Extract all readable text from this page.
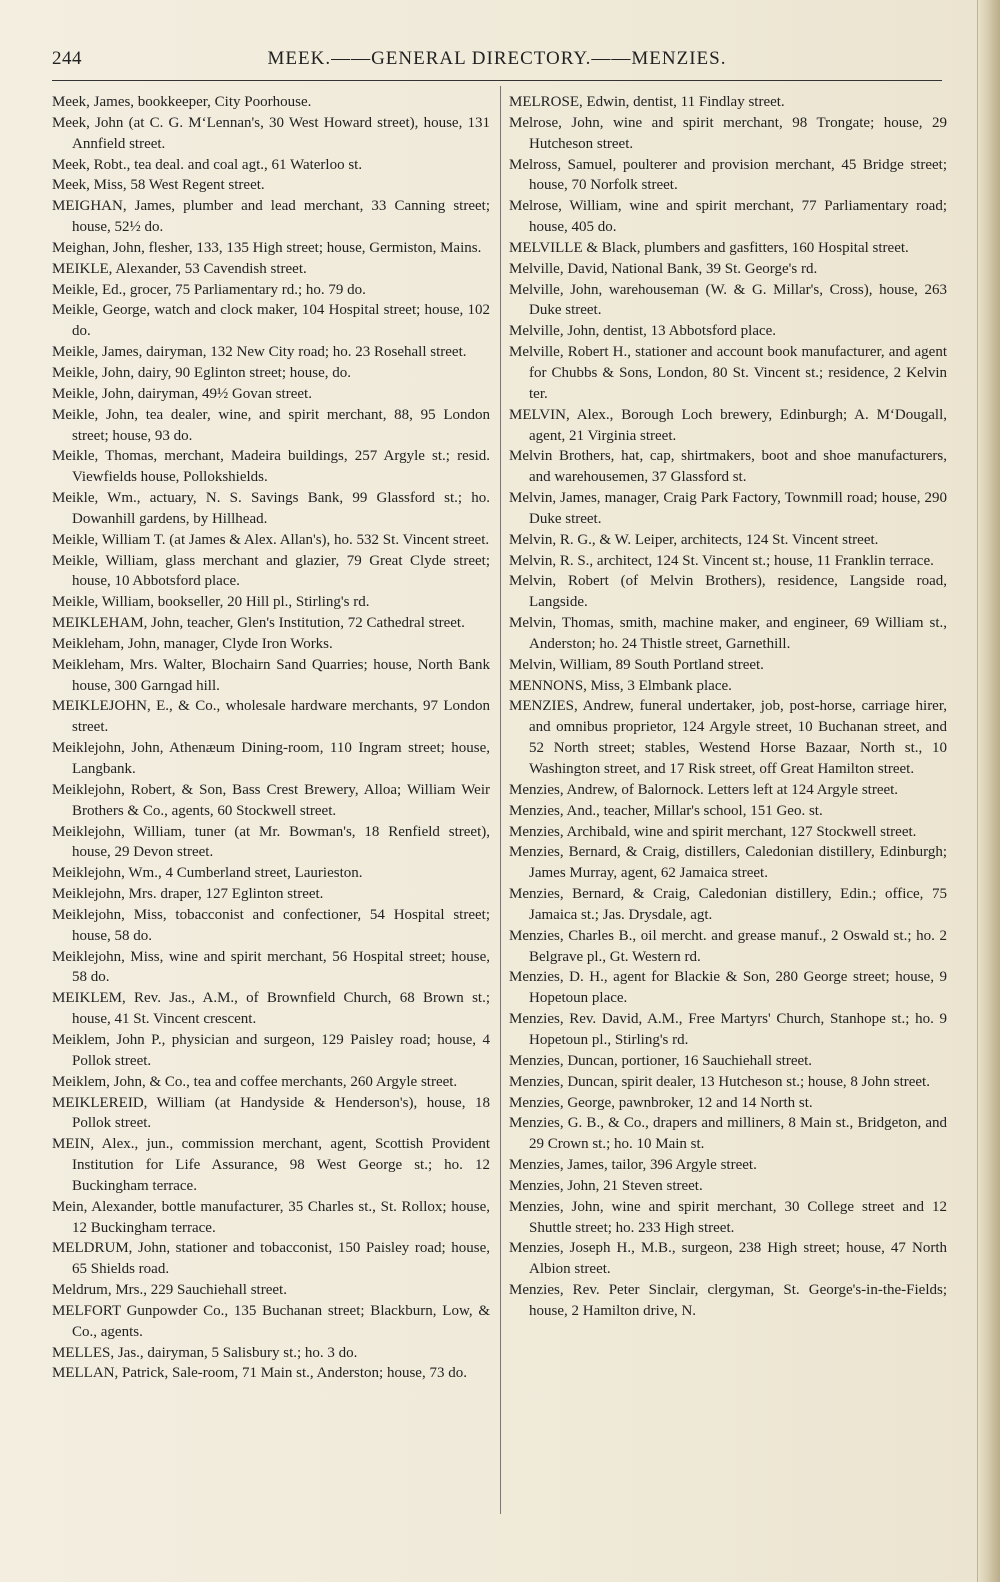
244	MEEK.——GENERAL DIRECTORY.——MENZIES.
Meek, James, bookkeeper, City Poorhouse.
Meek, John (at C. G. M‘Lennan's, 30 West Howard street), house, 131 Annfield street.
Meek, Robt., tea deal. and coal agt., 61 Waterloo st.
Meek, Miss, 58 West Regent street.
MEIGHAN, James, plumber and lead merchant, 33 Canning street; house, 52½ do.
Meighan, John, flesher, 133, 135 High street; house, Germiston, Mains.
MEIKLE, Alexander, 53 Cavendish street.
Meikle, Ed., grocer, 75 Parliamentary rd.; ho. 79 do.
Meikle, George, watch and clock maker, 104 Hospital street; house, 102 do.
Meikle, James, dairyman, 132 New City road; ho. 23 Rosehall street.
Meikle, John, dairy, 90 Eglinton street; house, do.
Meikle, John, dairyman, 49½ Govan street.
Meikle, John, tea dealer, wine, and spirit merchant, 88, 95 London street; house, 93 do.
Meikle, Thomas, merchant, Madeira buildings, 257 Argyle st.; resid. Viewfields house, Pollokshields.
Meikle, Wm., actuary, N. S. Savings Bank, 99 Glassford st.; ho. Dowanhill gardens, by Hillhead.
Meikle, William T. (at James & Alex. Allan's), ho. 532 St. Vincent street.
Meikle, William, glass merchant and glazier, 79 Great Clyde street; house, 10 Abbotsford place.
Meikle, William, bookseller, 20 Hill pl., Stirling's rd.
MEIKLEHAM, John, teacher, Glen's Institution, 72 Cathedral street.
Meikleham, John, manager, Clyde Iron Works.
Meikleham, Mrs. Walter, Blochairn Sand Quarries; house, North Bank house, 300 Garngad hill.
MEIKLEJOHN, E., & Co., wholesale hardware merchants, 97 London street.
Meiklejohn, John, Athenæum Dining-room, 110 Ingram street; house, Langbank.
Meiklejohn, Robert, & Son, Bass Crest Brewery, Alloa; William Weir Brothers & Co., agents, 60 Stockwell street.
Meiklejohn, William, tuner (at Mr. Bowman's, 18 Renfield street), house, 29 Devon street.
Meiklejohn, Wm., 4 Cumberland street, Laurieston.
Meiklejohn, Mrs. draper, 127 Eglinton street.
Meiklejohn, Miss, tobacconist and confectioner, 54 Hospital street; house, 58 do.
Meiklejohn, Miss, wine and spirit merchant, 56 Hospital street; house, 58 do.
MEIKLEM, Rev. Jas., A.M., of Brownfield Church, 68 Brown st.; house, 41 St. Vincent crescent.
Meiklem, John P., physician and surgeon, 129 Paisley road; house, 4 Pollok street.
Meiklem, John, & Co., tea and coffee merchants, 260 Argyle street.
MEIKLEREID, William (at Handyside & Henderson's), house, 18 Pollok street.
MEIN, Alex., jun., commission merchant, agent, Scottish Provident Institution for Life Assurance, 98 West George st.; ho. 12 Buckingham terrace.
Mein, Alexander, bottle manufacturer, 35 Charles st., St. Rollox; house, 12 Buckingham terrace.
MELDRUM, John, stationer and tobacconist, 150 Paisley road; house, 65 Shields road.
Meldrum, Mrs., 229 Sauchiehall street.
MELFORT Gunpowder Co., 135 Buchanan street; Blackburn, Low, & Co., agents.
MELLES, Jas., dairyman, 5 Salisbury st.; ho. 3 do.
MELLAN, Patrick, Sale-room, 71 Main st., Anderston; house, 73 do.
MELROSE, Edwin, dentist, 11 Findlay street.
Melrose, John, wine and spirit merchant, 98 Trongate; house, 29 Hutcheson street.
Melross, Samuel, poulterer and provision merchant, 45 Bridge street; house, 70 Norfolk street.
Melrose, William, wine and spirit merchant, 77 Parliamentary road; house, 405 do.
MELVILLE & Black, plumbers and gasfitters, 160 Hospital street.
Melville, David, National Bank, 39 St. George's rd.
Melville, John, warehouseman (W. & G. Millar's, Cross), house, 263 Duke street.
Melville, John, dentist, 13 Abbotsford place.
Melville, Robert H., stationer and account book manufacturer, and agent for Chubbs & Sons, London, 80 St. Vincent st.; residence, 2 Kelvin ter.
MELVIN, Alex., Borough Loch brewery, Edinburgh; A. M‘Dougall, agent, 21 Virginia street.
Melvin Brothers, hat, cap, shirtmakers, boot and shoe manufacturers, and warehousemen, 37 Glassford st.
Melvin, James, manager, Craig Park Factory, Townmill road; house, 290 Duke street.
Melvin, R. G., & W. Leiper, architects, 124 St. Vincent street.
Melvin, R. S., architect, 124 St. Vincent st.; house, 11 Franklin terrace.
Melvin, Robert (of Melvin Brothers), residence, Langside road, Langside.
Melvin, Thomas, smith, machine maker, and engineer, 69 William st., Anderston; ho. 24 Thistle street, Garnethill.
Melvin, William, 89 South Portland street.
MENNONS, Miss, 3 Elmbank place.
MENZIES, Andrew, funeral undertaker, job, post-horse, carriage hirer, and omnibus proprietor, 124 Argyle street, 10 Buchanan street, and 52 North street; stables, Westend Horse Bazaar, North st., 10 Washington street, and 17 Risk street, off Great Hamilton street.
Menzies, Andrew, of Balornock. Letters left at 124 Argyle street.
Menzies, And., teacher, Millar's school, 151 Geo. st.
Menzies, Archibald, wine and spirit merchant, 127 Stockwell street.
Menzies, Bernard, & Craig, distillers, Caledonian distillery, Edinburgh; James Murray, agent, 62 Jamaica street.
Menzies, Bernard, & Craig, Caledonian distillery, Edin.; office, 75 Jamaica st.; Jas. Drysdale, agt.
Menzies, Charles B., oil mercht. and grease manuf., 2 Oswald st.; ho. 2 Belgrave pl., Gt. Western rd.
Menzies, D. H., agent for Blackie & Son, 280 George street; house, 9 Hopetoun place.
Menzies, Rev. David, A.M., Free Martyrs' Church, Stanhope st.; ho. 9 Hopetoun pl., Stirling's rd.
Menzies, Duncan, portioner, 16 Sauchiehall street.
Menzies, Duncan, spirit dealer, 13 Hutcheson st.; house, 8 John street.
Menzies, George, pawnbroker, 12 and 14 North st.
Menzies, G. B., & Co., drapers and milliners, 8 Main st., Bridgeton, and 29 Crown st.; ho. 10 Main st.
Menzies, James, tailor, 396 Argyle street.
Menzies, John, 21 Steven street.
Menzies, John, wine and spirit merchant, 30 College street and 12 Shuttle street; ho. 233 High street.
Menzies, Joseph H., M.B., surgeon, 238 High street; house, 47 North Albion street.
Menzies, Rev. Peter Sinclair, clergyman, St. George's-in-the-Fields; house, 2 Hamilton drive, N.
